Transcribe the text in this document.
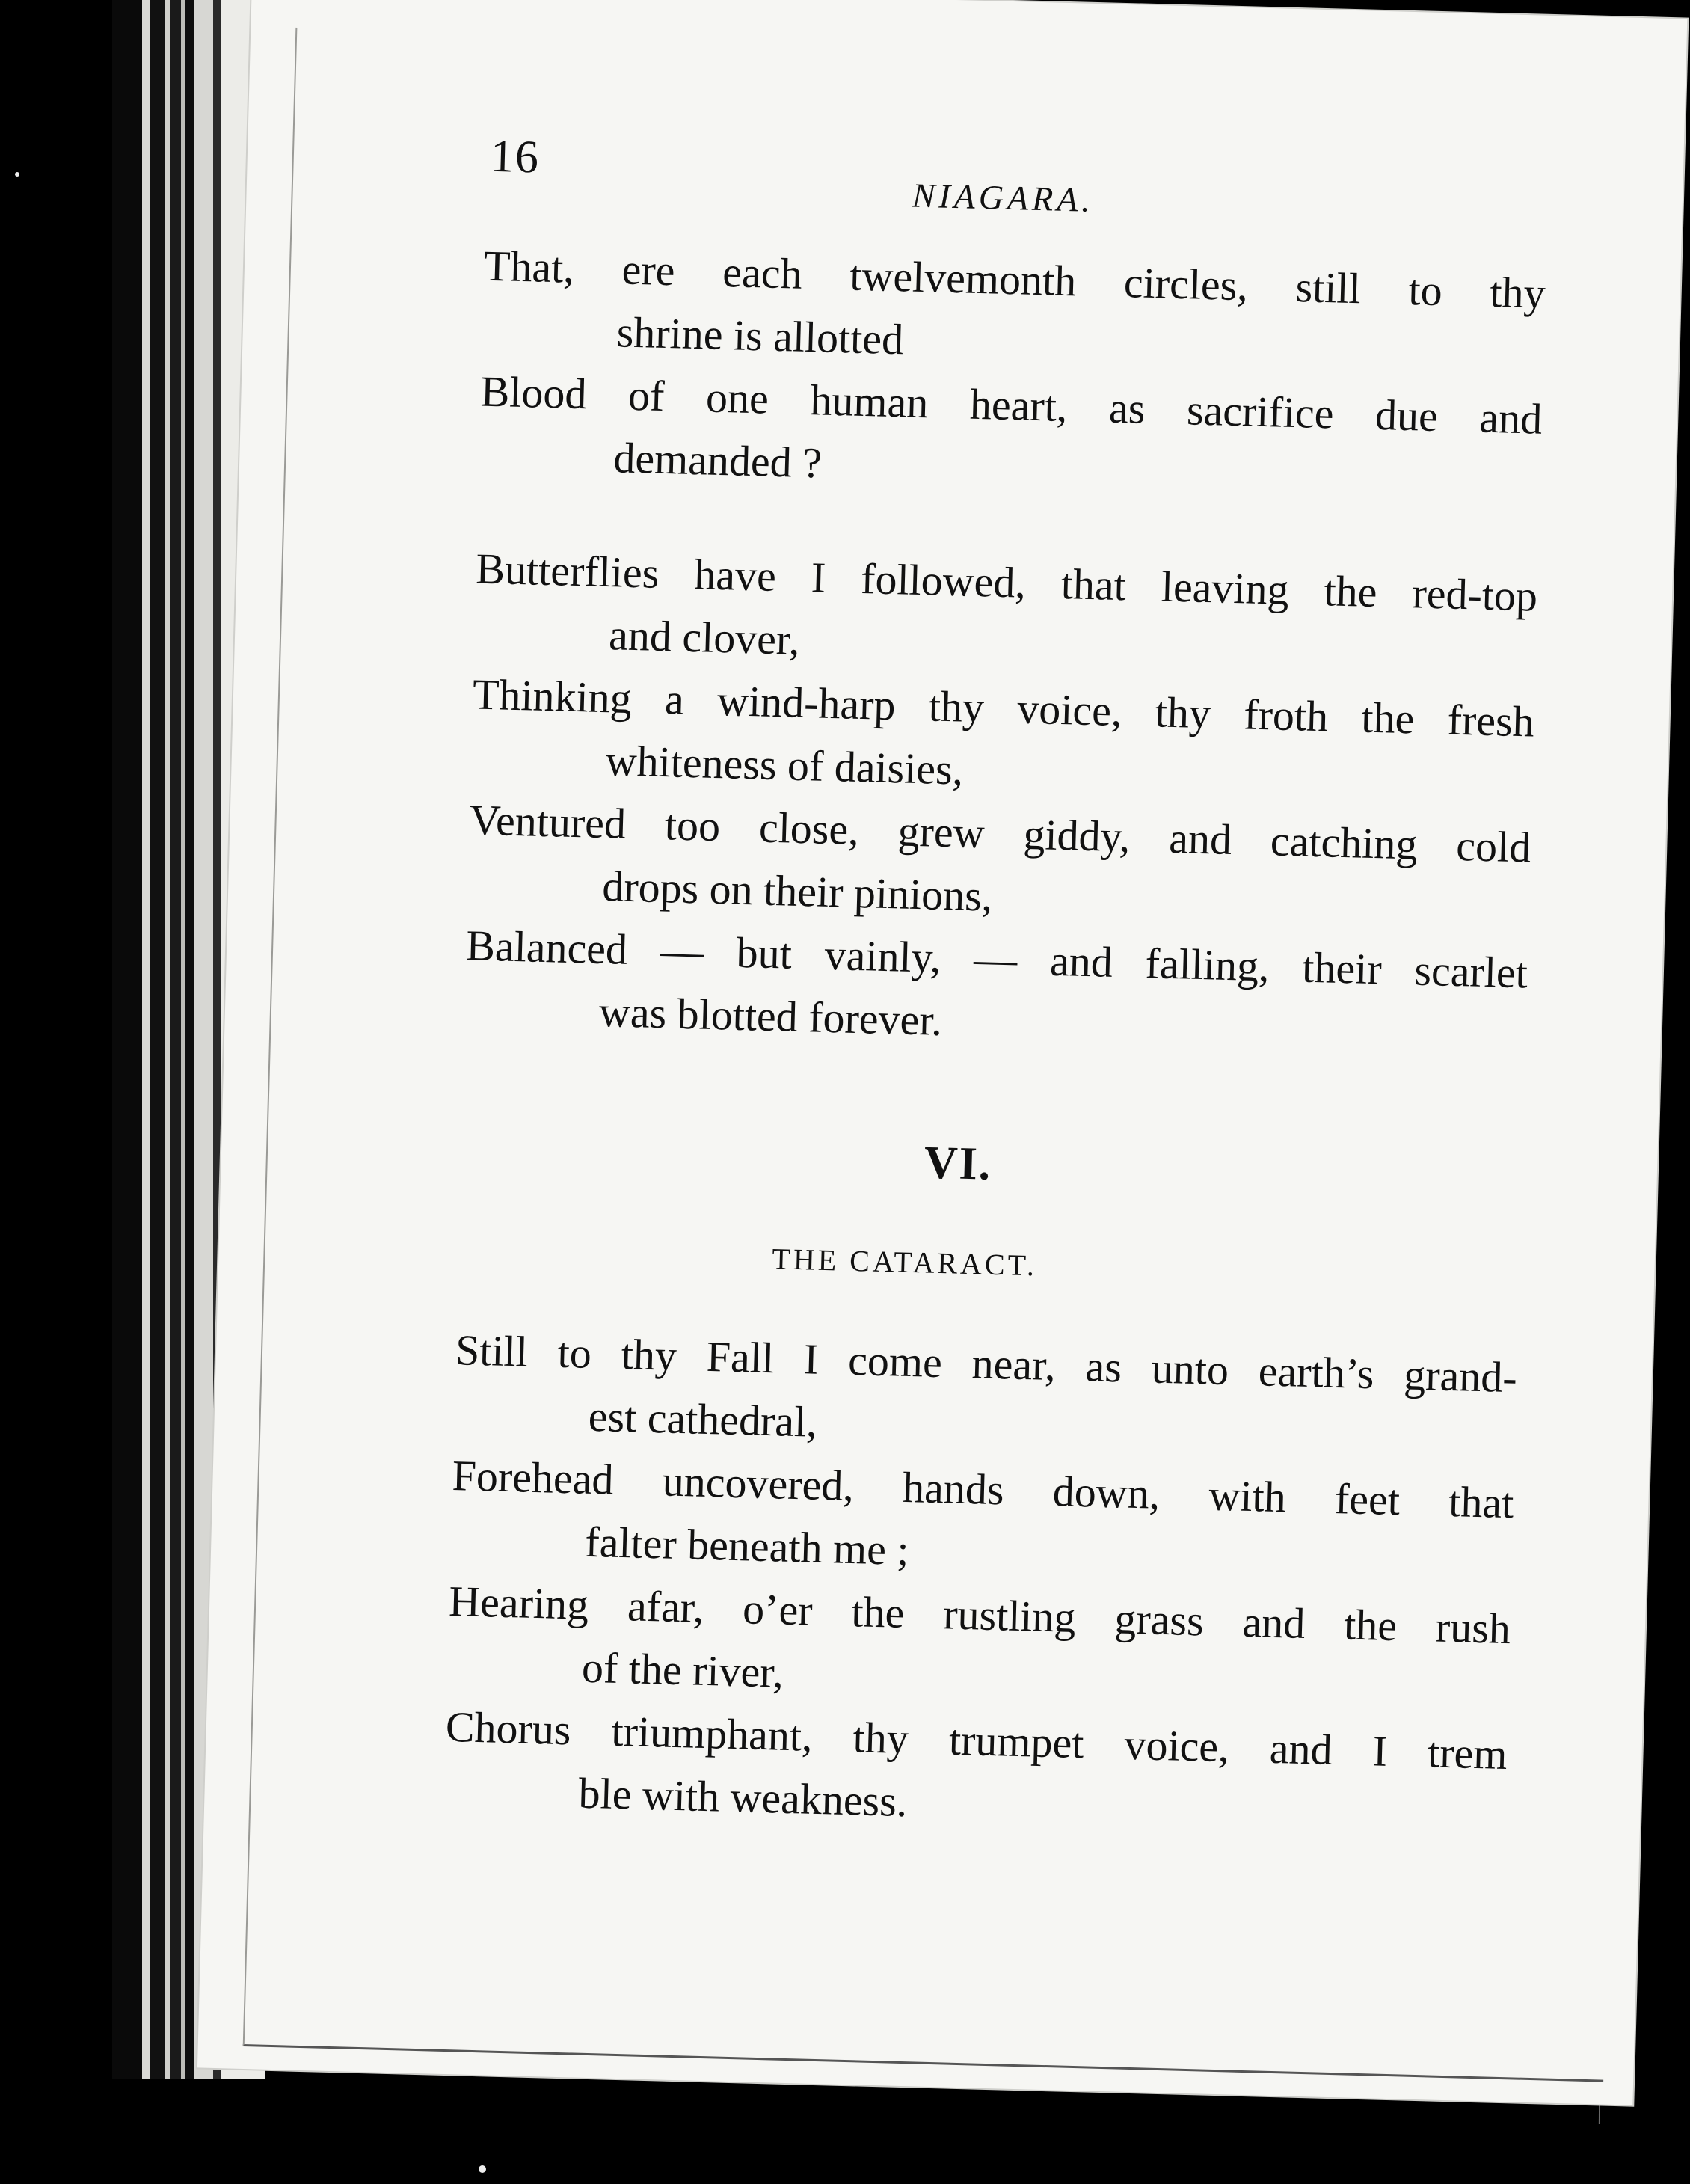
16
NIAGARA.
That, ere each twelvemonth circles, still to thy
shrine is allotted
Blood of one human heart, as sacrifice due and
demanded ?
Butterflies have I followed, that leaving the red-top
and clover,
Thinking a wind-harp thy voice, thy froth the fresh
whiteness of daisies,
Ventured too close, grew giddy, and catching cold
drops on their pinions,
Balanced — but vainly, — and falling, their scarlet
was blotted forever.
VI.
THE CATARACT.
Still to thy Fall I come near, as unto earth’s grand-
est cathedral,
Forehead uncovered, hands down, with feet that
falter beneath me ;
Hearing afar, o’er the rustling grass and the rush
of the river,
Chorus triumphant, thy trumpet voice, and I trem
ble with weakness.
